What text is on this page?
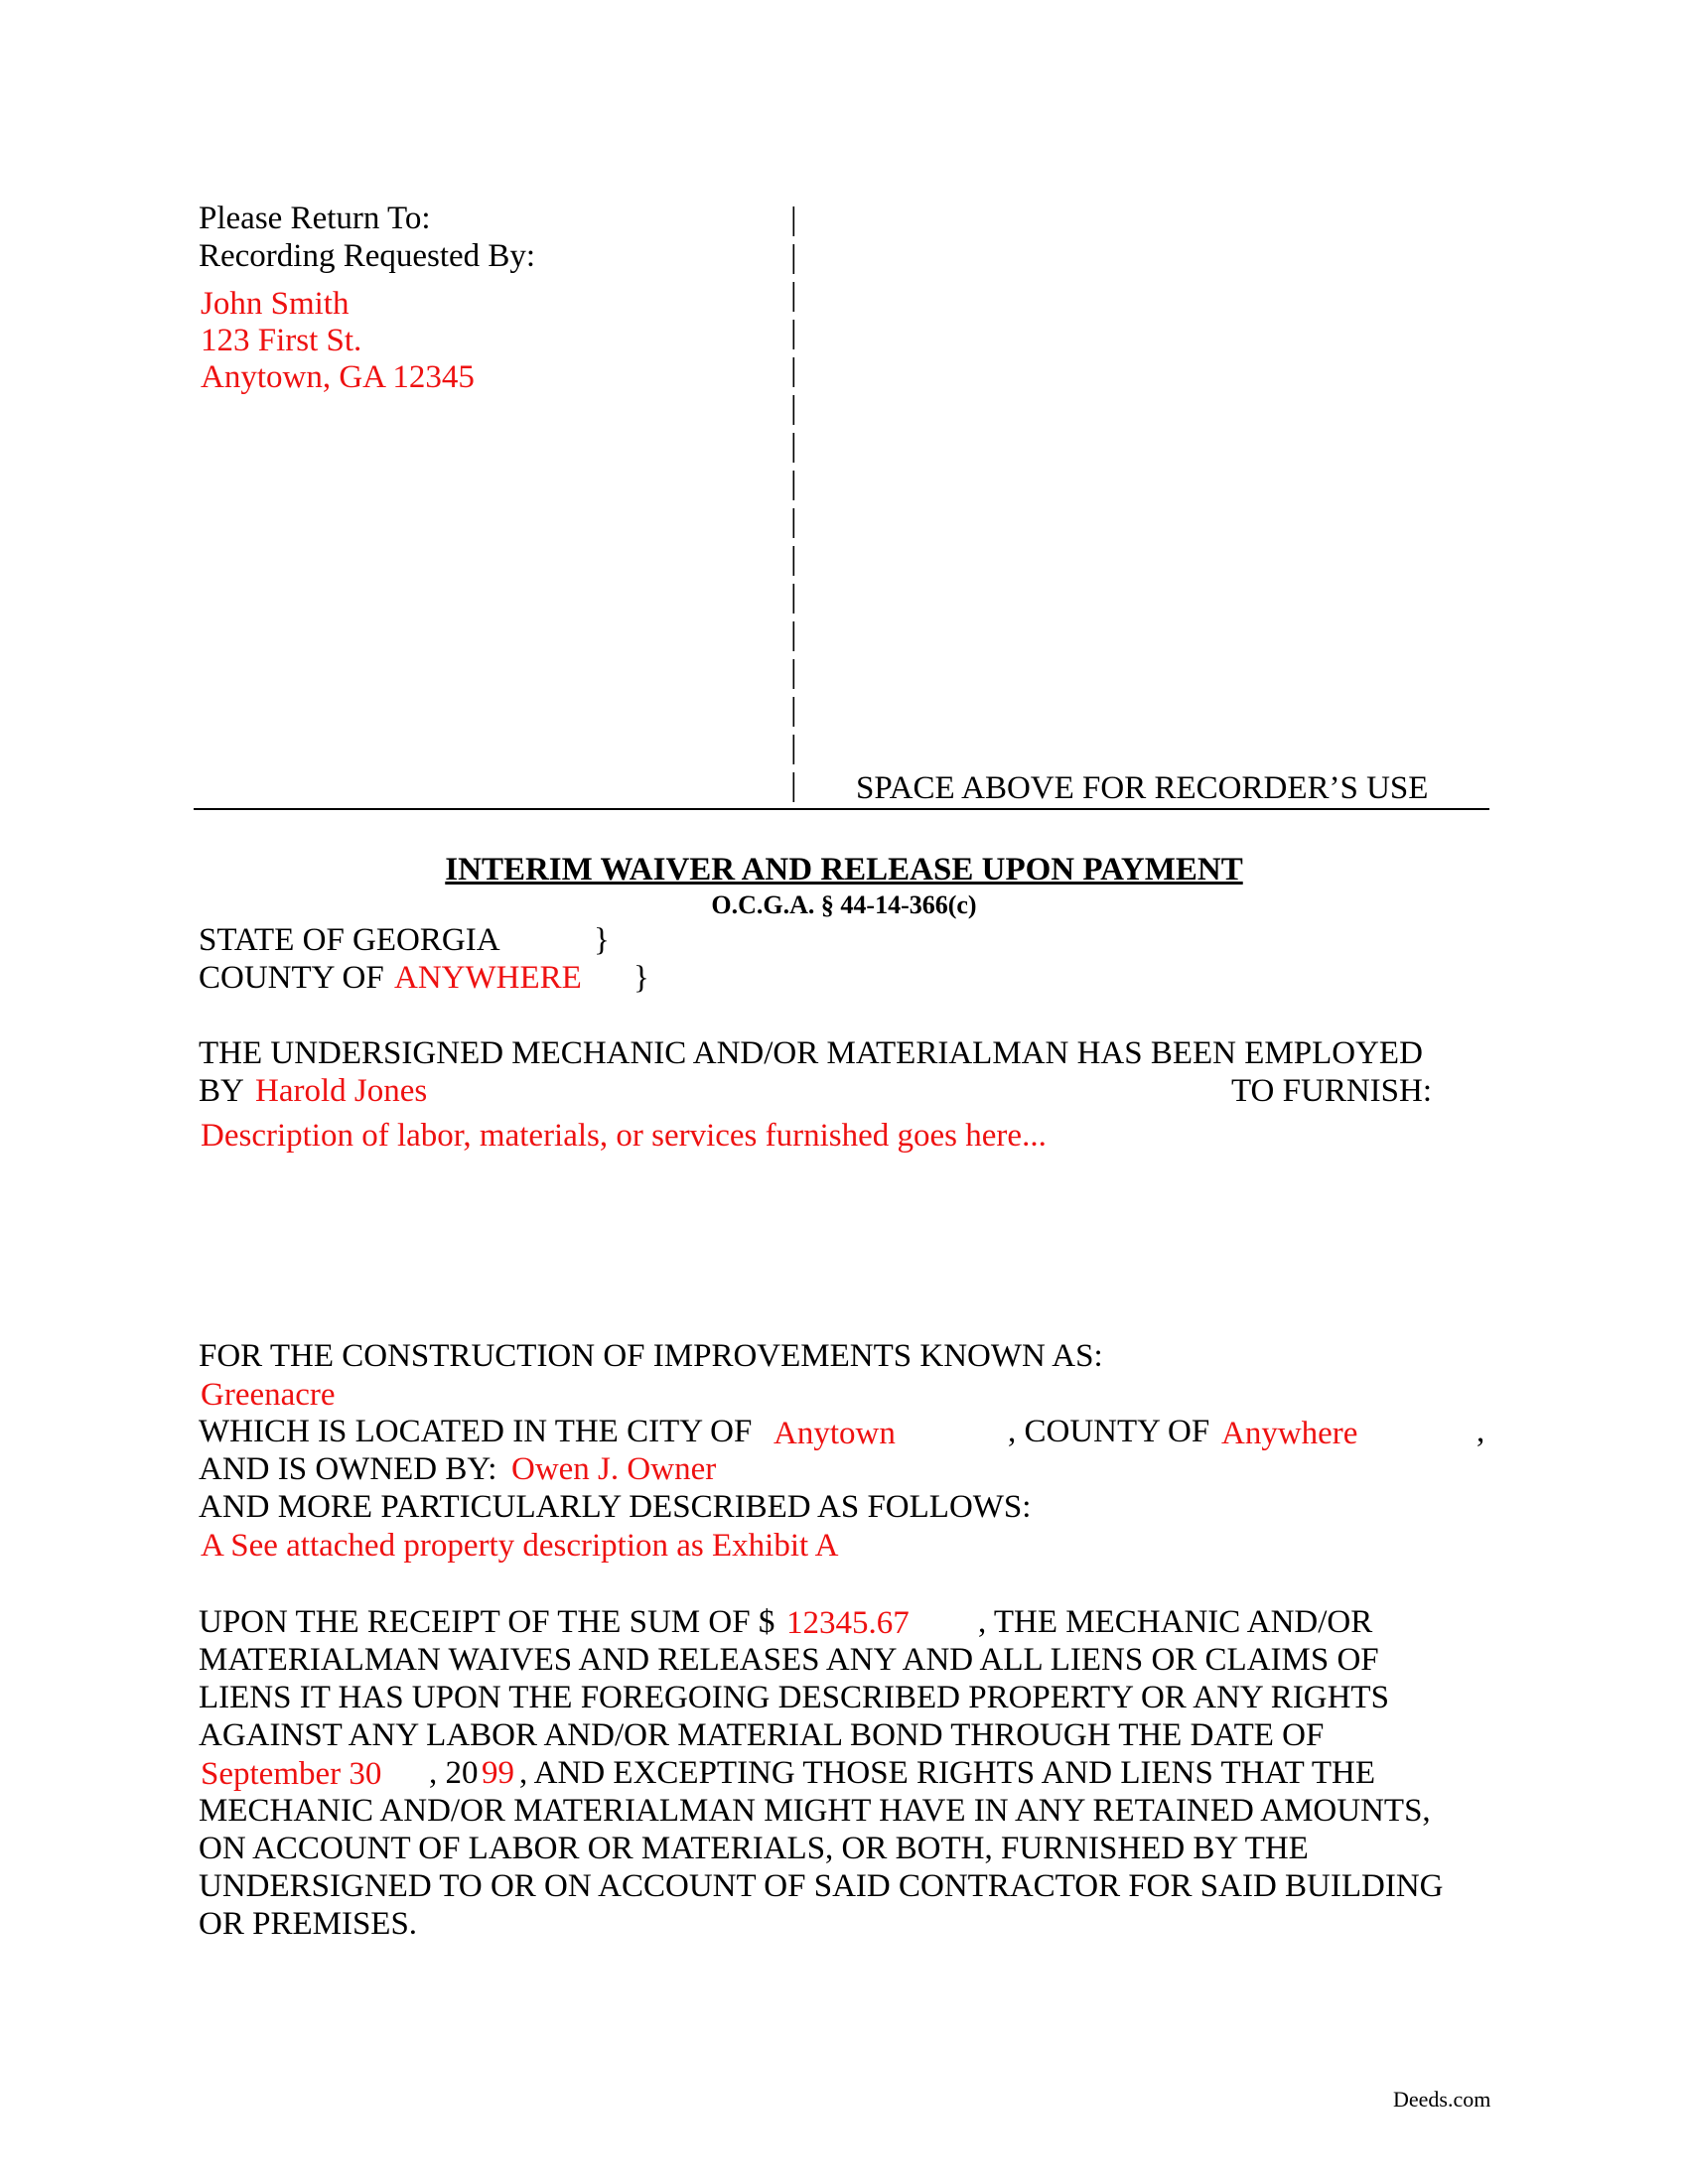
Please Return To:
Recording Requested By:
John Smith
123 First St.
Anytown, GA 12345
|
|
|
|
|
|
|
|
|
|
|
|
|
|
|
| SPACE ABOVE FOR RECORDER’S USE
INTERIM WAIVER AND RELEASE UPON PAYMENT
O.C.G.A. § 44-14-366(c)
STATE OF GEORGIA	}
COUNTY OF ANYWHERE }
THE UNDERSIGNED MECHANIC AND/OR MATERIALMAN HAS BEEN EMPLOYED
BY Harold Jones	TO FURNISH:
Description of labor, materials, or services furnished goes here...
FOR THE CONSTRUCTION OF IMPROVEMENTS KNOWN AS:
Greenacre
WHICH IS LOCATED IN THE CITY OF Anytown	, COUNTY OF Anywhere	,
AND IS OWNED BY: Owen J. Owner
AND MORE PARTICULARLY DESCRIBED AS FOLLOWS:
A See attached property description as Exhibit A
UPON THE RECEIPT OF THE SUM OF $ 12345.67 , THE MECHANIC AND/OR
MATERIALMAN WAIVES AND RELEASES ANY AND ALL LIENS OR CLAIMS OF
LIENS IT HAS UPON THE FOREGOING DESCRIBED PROPERTY OR ANY RIGHTS
AGAINST ANY LABOR AND/OR MATERIAL BOND THROUGH THE DATE OF
September 30 , 20 99 , AND EXCEPTING THOSE RIGHTS AND LIENS THAT THE
MECHANIC AND/OR MATERIALMAN MIGHT HAVE IN ANY RETAINED AMOUNTS,
ON ACCOUNT OF LABOR OR MATERIALS, OR BOTH, FURNISHED BY THE
UNDERSIGNED TO OR ON ACCOUNT OF SAID CONTRACTOR FOR SAID BUILDING
OR PREMISES.
Deeds.com
